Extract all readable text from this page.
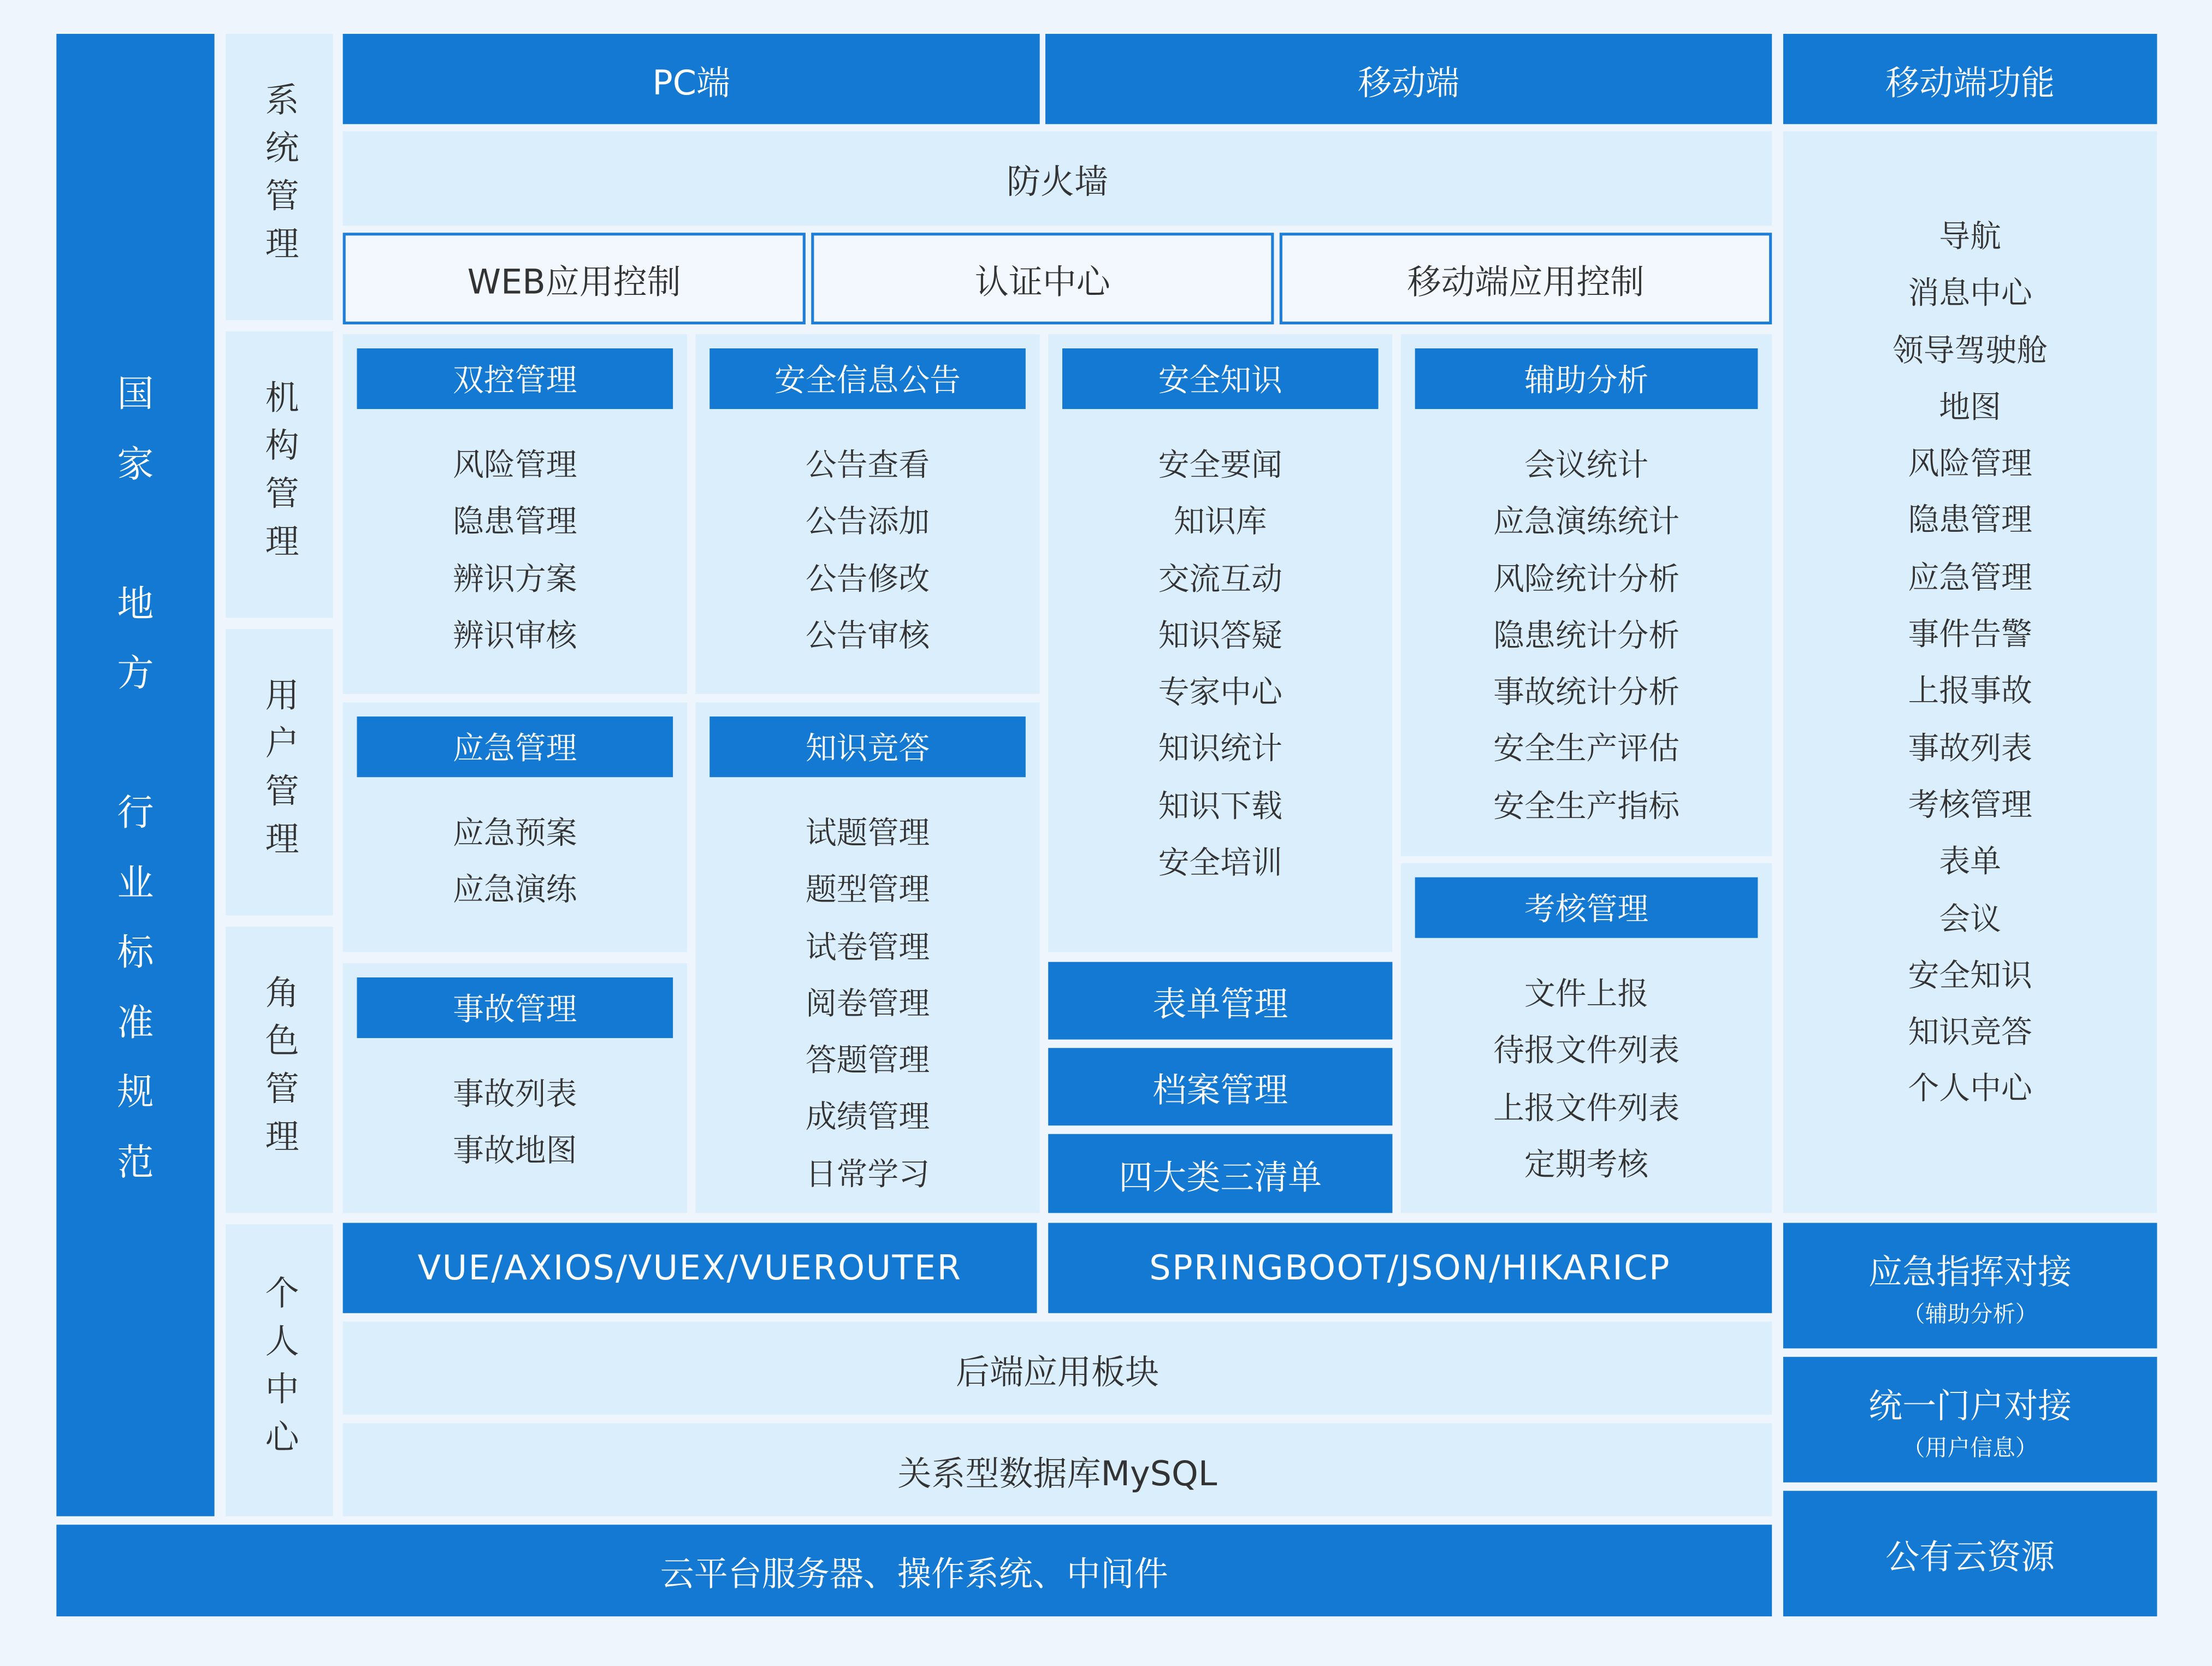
国
家
地
方
行
业
标
准
规
范
系统管理
机构管理
用户管理
角色管理
个人中心
PC端	移动端	移动端功能
防火墙
WEB应用控制	认证中心	移动端应用控制
双控管理
风险管理
隐患管理
辨识方案
辨识审核
安全信息公告
公告查看
公告添加
公告修改
公告审核
安全知识
安全要闻
知识库
交流互动
知识答疑
专家中心
知识统计
知识下载
安全培训
辅助分析
会议统计
应急演练统计
风险统计分析
隐患统计分析
事故统计分析
安全生产评估
安全生产指标
应急管理
应急预案
应急演练
知识竞答
试题管理
题型管理
试卷管理
阅卷管理
答题管理
成绩管理
日常学习
事故管理
事故列表
事故地图
表单管理
档案管理
四大类三清单
考核管理
文件上报
待报文件列表
上报文件列表
定期考核
导航
消息中心
领导驾驶舱
地图
风险管理
隐患管理
应急管理
事件告警
上报事故
事故列表
考核管理
表单
会议
安全知识
知识竞答
个人中心
VUE/AXIOS/VUEX/VUEROUTER	SPRINGBOOT/JSON/HIKARICP
后端应用板块
关系型数据库MySQL
应急指挥对接
（辅助分析）
统一门户对接
（用户信息）
公有云资源
云平台服务器、操作系统、中间件
